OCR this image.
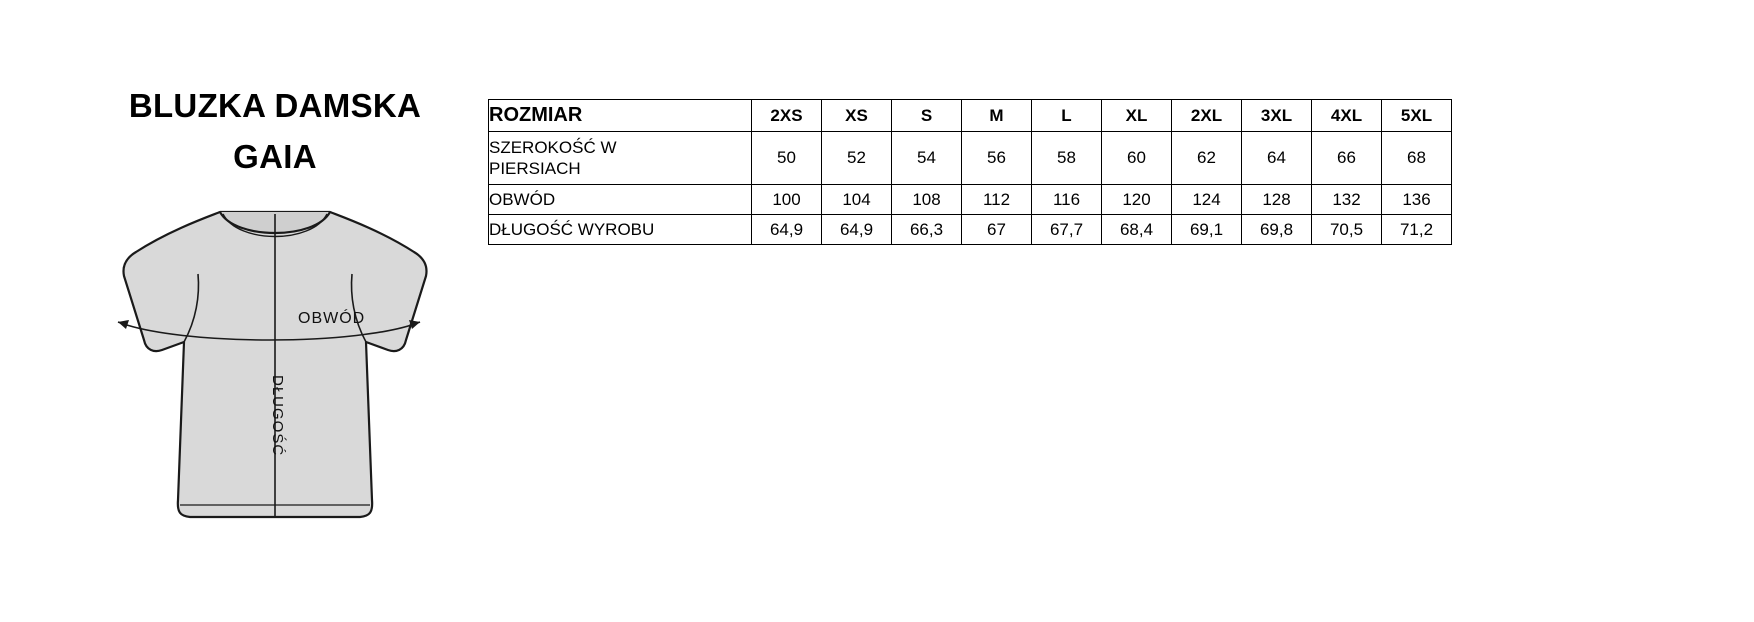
BLUZKA DAMSKA
GAIA
OBWÓD
DŁUGOŚĆ
ROZMIAR	2XS	XS	S	M	L	XL	2XL	3XL	4XL	5XL

SZEROKOŚĆ W
PIERSIACH	50	52	54	56	58	60	62	64	66	68
OBWÓD	100	104	108	112	116	120	124	128	132	136
DŁUGOŚĆ WYROBU	64,9	64,9	66,3	67	67,7	68,4	69,1	69,8	70,5	71,2
